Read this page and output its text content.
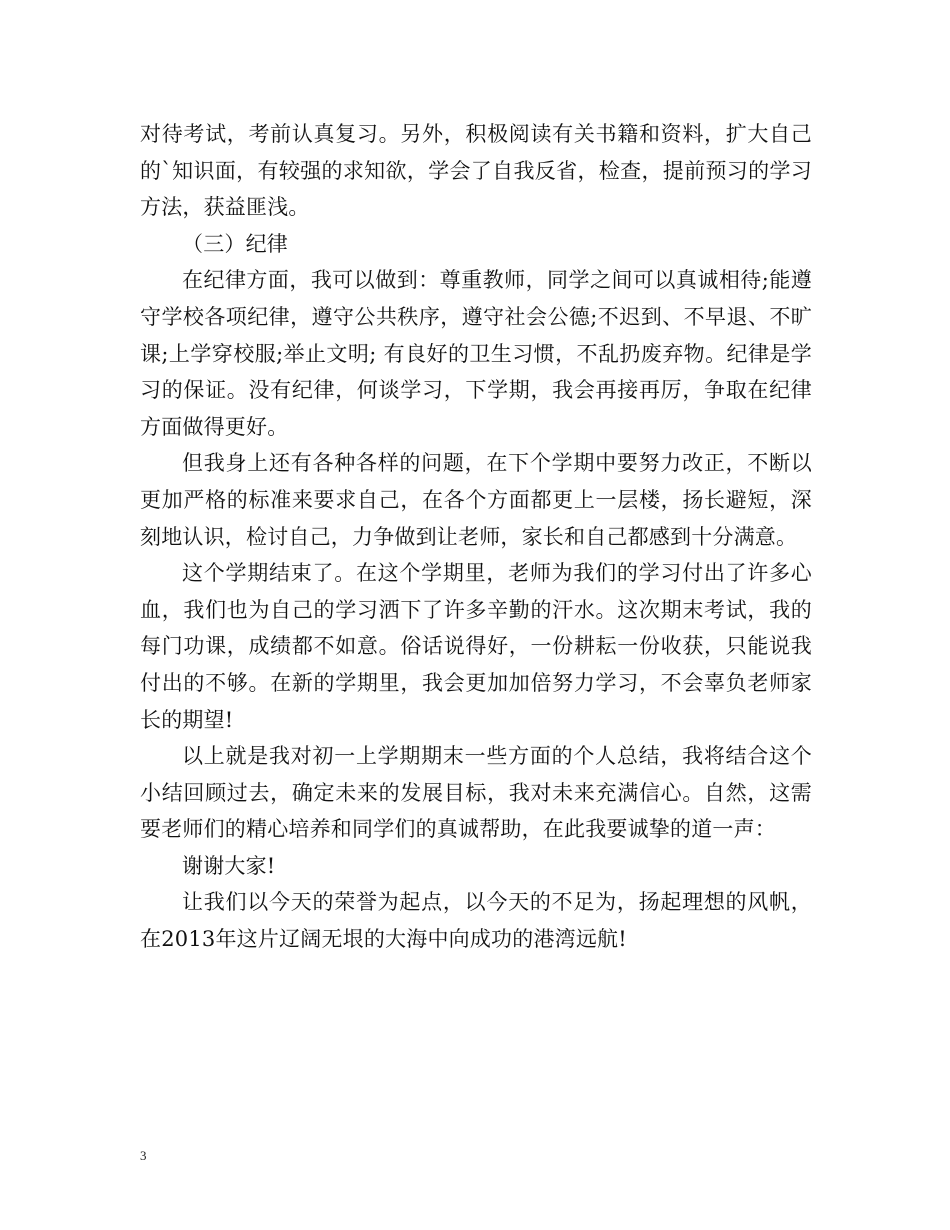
对待考试，考前认真复习。另外，积极阅读有关书籍和资料，扩大自己的`知识面，有较强的求知欲，学会了自我反省，检查，提前预习的学习方法，获益匪浅。

（三）纪律

在纪律方面，我可以做到：尊重教师，同学之间可以真诚相待;能遵守学校各项纪律，遵守公共秩序，遵守社会公德;不迟到、不早退、不旷课;上学穿校服;举止文明; 有良好的卫生习惯，不乱扔废弃物。纪律是学习的保证。没有纪律，何谈学习，下学期，我会再接再厉，争取在纪律方面做得更好。

但我身上还有各种各样的问题，在下个学期中要努力改正，不断以更加严格的标准来要求自己，在各个方面都更上一层楼，扬长避短，深刻地认识，检讨自己，力争做到让老师，家长和自己都感到十分满意。

这个学期结束了。在这个学期里，老师为我们的学习付出了许多心血，我们也为自己的学习洒下了许多辛勤的汗水。这次期末考试，我的每门功课，成绩都不如意。俗话说得好，一份耕耘一份收获，只能说我付出的不够。在新的学期里，我会更加加倍努力学习，不会辜负老师家长的期望!

以上就是我对初一上学期期末一些方面的个人总结，我将结合这个小结回顾过去，确定未来的发展目标，我对未来充满信心。自然，这需要老师们的精心培养和同学们的真诚帮助，在此我要诚挚的道一声：

谢谢大家!

让我们以今天的荣誉为起点，以今天的不足为，扬起理想的风帆，在2013年这片辽阔无垠的大海中向成功的港湾远航!

3
